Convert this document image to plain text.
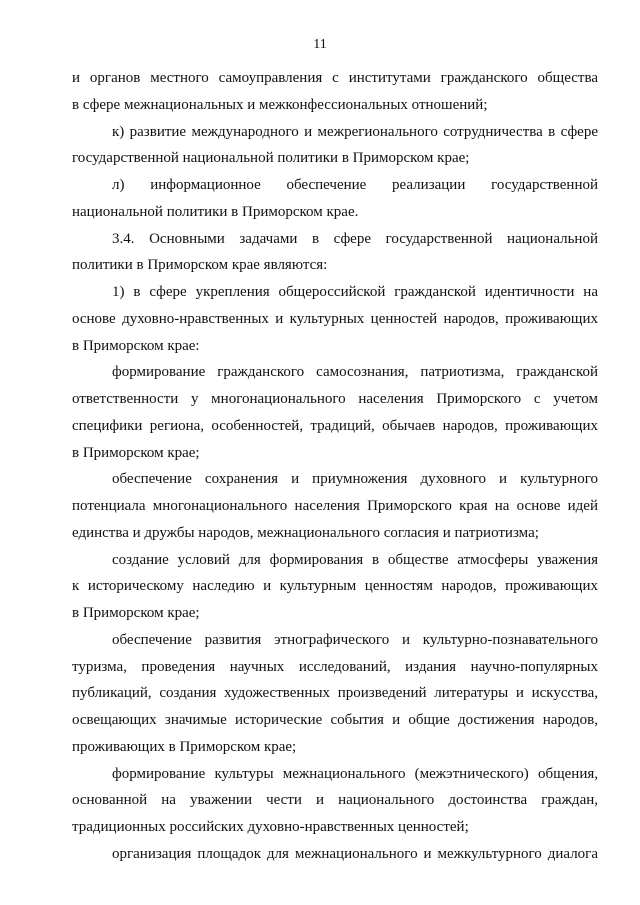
11
и органов местного самоуправления с институтами гражданского общества
в сфере межнациональных и межконфессиональных отношений;
к) развитие международного и межрегионального сотрудничества в сфере
государственной национальной политики в Приморском крае;
л) информационное обеспечение реализации государственной
национальной политики в Приморском крае.
3.4. Основными задачами в сфере государственной национальной
политики в Приморском крае являются:
1) в сфере укрепления общероссийской гражданской идентичности на
основе духовно-нравственных и культурных ценностей народов, проживающих
в Приморском крае:
формирование гражданского самосознания, патриотизма, гражданской
ответственности у многонационального населения Приморского с учетом
специфики региона, особенностей, традиций, обычаев народов, проживающих
в Приморском крае;
обеспечение сохранения и приумножения духовного и культурного
потенциала многонационального населения Приморского края на основе идей
единства и дружбы народов, межнационального согласия и патриотизма;
создание условий для формирования в обществе атмосферы уважения
к историческому наследию и культурным ценностям народов, проживающих
в Приморском крае;
обеспечение развития этнографического и культурно-познавательного
туризма, проведения научных исследований, издания научно-популярных
публикаций, создания художественных произведений литературы и искусства,
освещающих значимые исторические события и общие достижения народов,
проживающих в Приморском крае;
формирование культуры межнационального (межэтнического) общения,
основанной на уважении чести и национального достоинства граждан,
традиционных российских духовно-нравственных ценностей;
организация площадок для межнационального и межкультурного диалога
